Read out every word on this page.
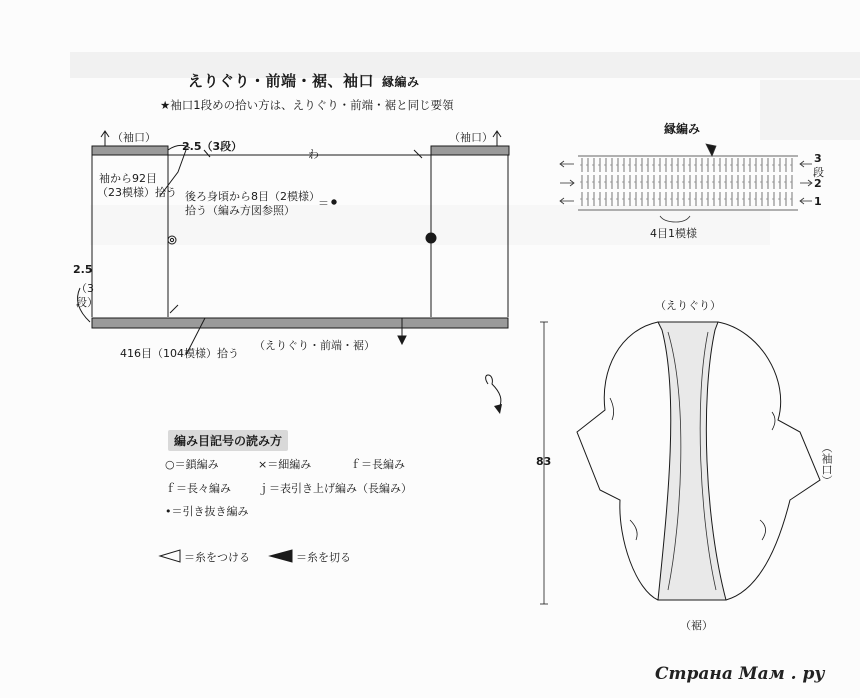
えりぐり・前端・裾、袖口 縁編み
★袖口1段めの拾い方は、えりぐり・前端・裾と同じ要領
（袖口）	（袖口）
わ
2.5（3段）
袖から92目
（23模様）拾う 後ろ身頃から8目（2模様）
拾う（編み方図参照）
＝
2.5
（3
段）
416目（104模様）拾う
（えりぐり・前端・裾）
縁編み
3
段
2
1
4目1模様
編み目記号の読み方
○＝鎖編み	×＝細編み	ｆ＝長編み
ｆ＝長々編み ｊ＝表引き上げ編み（長編み）
•＝引き抜き編み
＝糸をつける	＝糸を切る
（えりぐり）
（袖口）
（裾）
83
Страна Мам . ру
